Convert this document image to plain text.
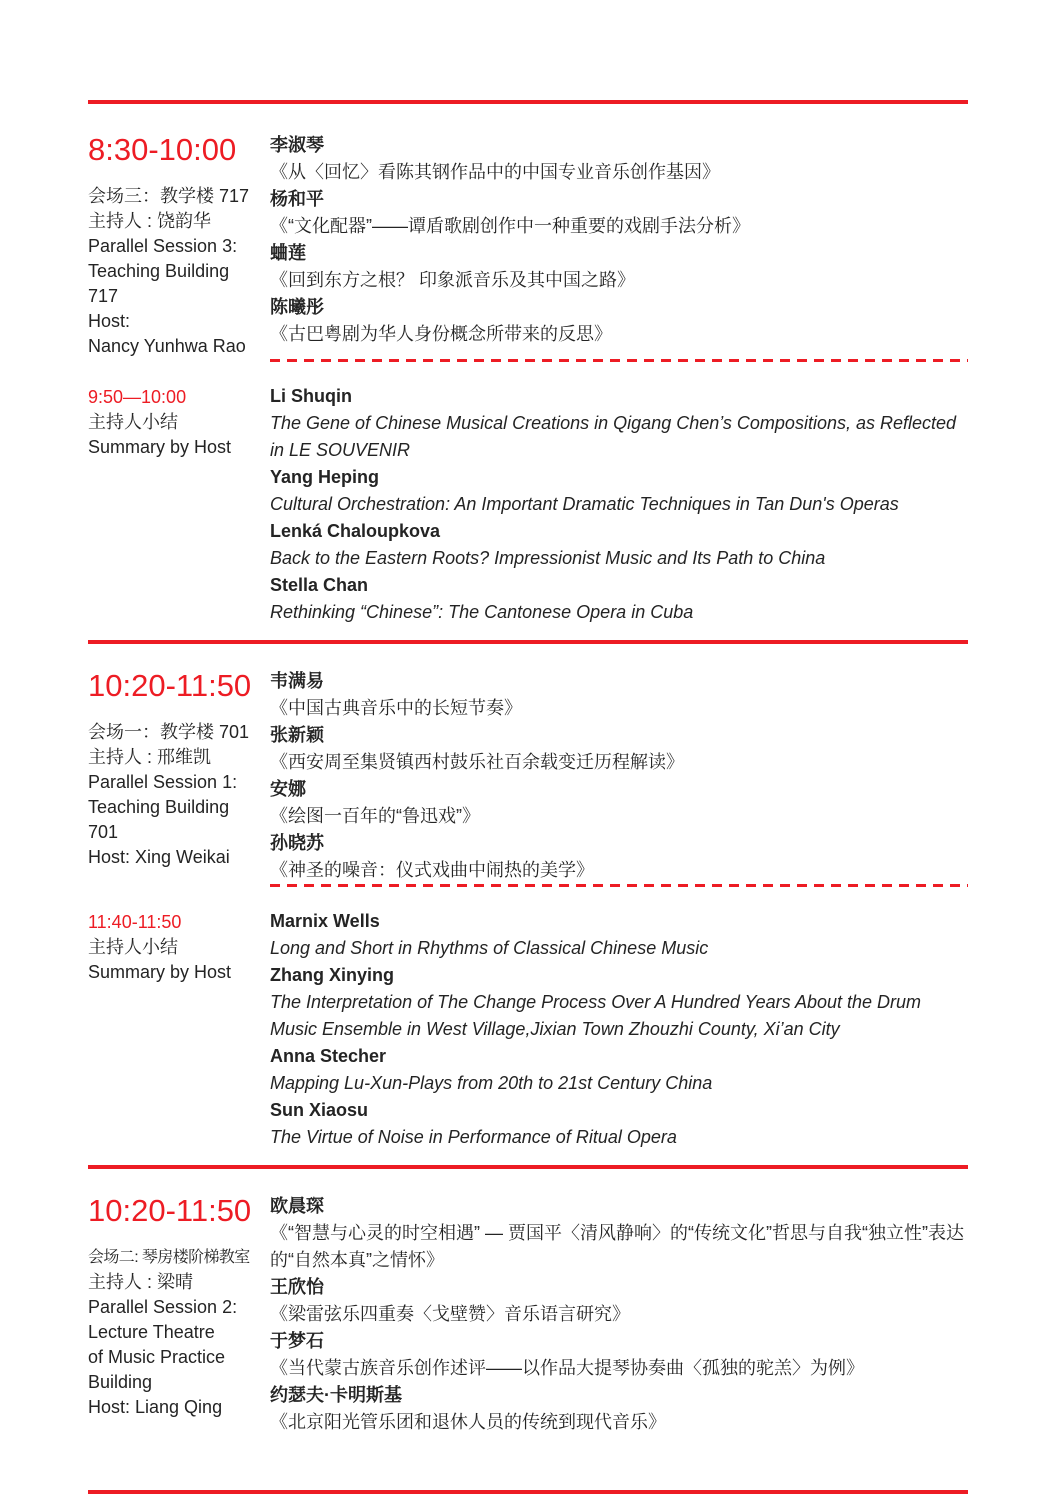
8:30-10:00
会场三：教学楼 717
主持人 : 饶韵华
Parallel Session 3:
Teaching Building
717
Host:
Nancy Yunhwa Rao
李淑琴
《从〈回忆〉看陈其钢作品中的中国专业音乐创作基因》
杨和平
《“文化配器”——谭盾歌剧创作中一种重要的戏剧手法分析》
蛐莲
《回到东方之根？ 印象派音乐及其中国之路》
陈曦彤
《古巴粤剧为华人身份概念所带来的反思》
9:50—10:00
主持人小结
Summary by Host
Li Shuqin
The Gene of Chinese Musical Creations in Qigang Chen’s Compositions, as Reflected in LE SOUVENIR
Yang Heping
Cultural Orchestration: An Important Dramatic Techniques in Tan Dun's Operas
Lenká Chaloupkova
Back to the Eastern Roots? Impressionist Music and Its Path to China
Stella Chan
Rethinking “Chinese”: The Cantonese Opera in Cuba
10:20-11:50
会场一：教学楼 701
主持人 : 邢维凯
Parallel Session 1:
Teaching Building
701
Host: Xing Weikai
韦满易
《中国古典音乐中的长短节奏》
张新颖
《西安周至集贤镇西村鼓乐社百余载变迁历程解读》
安娜
《绘图一百年的“鲁迅戏”》
孙晓苏
《神圣的噪音：仪式戏曲中闹热的美学》
11:40-11:50
主持人小结
Summary by Host
Marnix Wells
Long and Short in Rhythms of Classical Chinese Music
Zhang Xinying
The Interpretation of The Change Process Over A Hundred Years About the Drum Music Ensemble in West Village,Jixian Town Zhouzhi County, Xi’an City
Anna Stecher
Mapping Lu-Xun-Plays from 20th to 21st Century China
Sun Xiaosu
The Virtue of Noise in Performance of Ritual Opera
10:20-11:50
会场二: 琴房楼阶梯教室
主持人 : 梁晴
Parallel Session 2:
Lecture Theatre
of Music Practice
Building
Host: Liang Qing
欧晨琛
《“智慧与心灵的时空相遇” — 贾国平〈清风静响〉的“传统文化”哲思与自我“独立性”表达的“自然本真”之情怀》
王欣怡
《梁雷弦乐四重奏〈戈壁赞〉音乐语言研究》
于梦石
《当代蒙古族音乐创作述评——以作品大提琴协奏曲〈孤独的驼羔〉为例》
约瑟夫·卡明斯基
《北京阳光管乐团和退休人员的传统到现代音乐》
